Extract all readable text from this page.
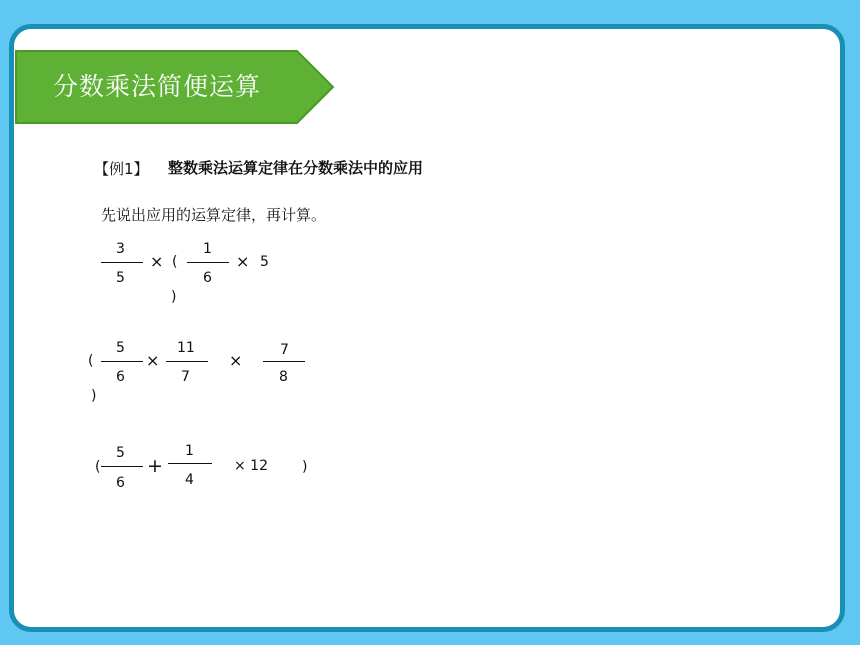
分数乘法简便运算
【例1】 整数乘法运算定律在分数乘法中的应用
先说出应用的运算定律，再计算。
3
5
× (
1
6
× 5
)
(
5
6
×
11
7
×
7
8
)
(
5
6
+
1
4
× 12 )
